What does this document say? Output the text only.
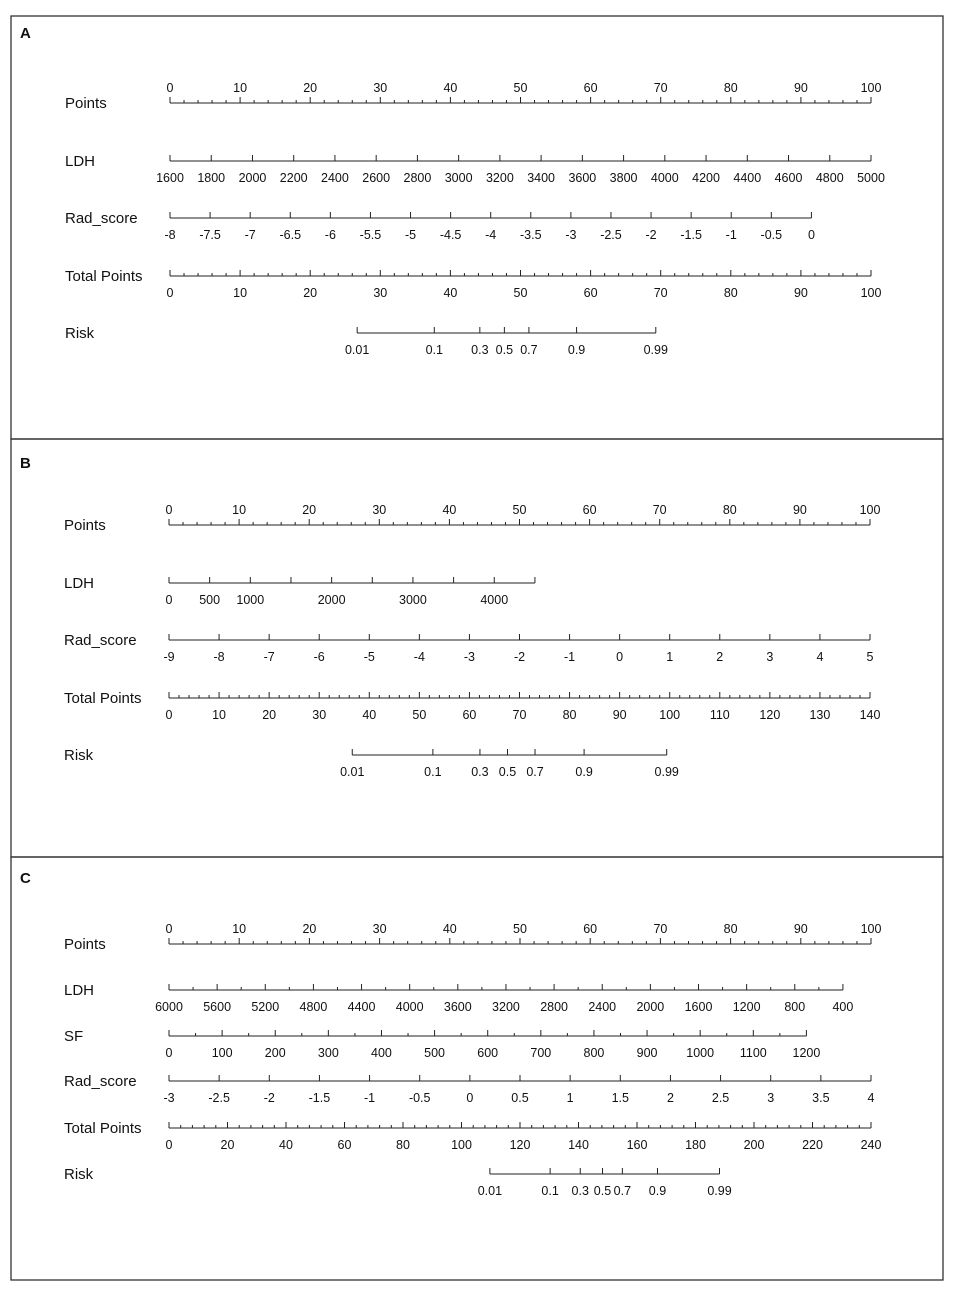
A
Points
0	10	20	30	40	50	60	70	80	90	100
LDH
1600 1800 2000 2200 2400 2600 2800 3000 3200 3400 3600 3800 4000 4200 4400 4600 4800 5000
Rad_score
-8 -7.5 -7 -6.5 -6 -5.5 -5 -4.5 -4 -3.5 -3 -2.5 -2 -1.5 -1 -0.5 0
Total Points
0	10	20	30	40	50	60	70	80	90	100
Risk
0.01	0.1 0.3 0.5 0.7 0.9	0.99
B
Points
0	10	20	30	40	50	60	70	80	90	100
LDH
0 500 1000	2000	3000	4000
Rad_score
-9	-8	-7	-6	-5	-4	-3	-2	-1	0	1	2	3	4	5
Total Points
0	10	20	30	40	50	60	70	80	90	100 110 120 130 140
Risk
0.01	0.1 0.3 0.5 0.7	0.9	0.99
C
Points
0	10	20	30	40	50	60	70	80	90	100
LDH
6000 5600 5200 4800 4400 4000 3600 3200 2800 2400 2000 1600 1200 800 400
SF
0	100	200	300	400	500	600	700	800	900 1000 1100 1200
Rad_score
-3	-2.5	-2	-1.5	-1	-0.5	0	0.5	1	1.5	2	2.5	3	3.5	4
Total Points
0	20	40	60	80	100	120	140	160	180	200	220	240
Risk
0.01	0.1 0.3 0.5 0.7 0.9	0.99
